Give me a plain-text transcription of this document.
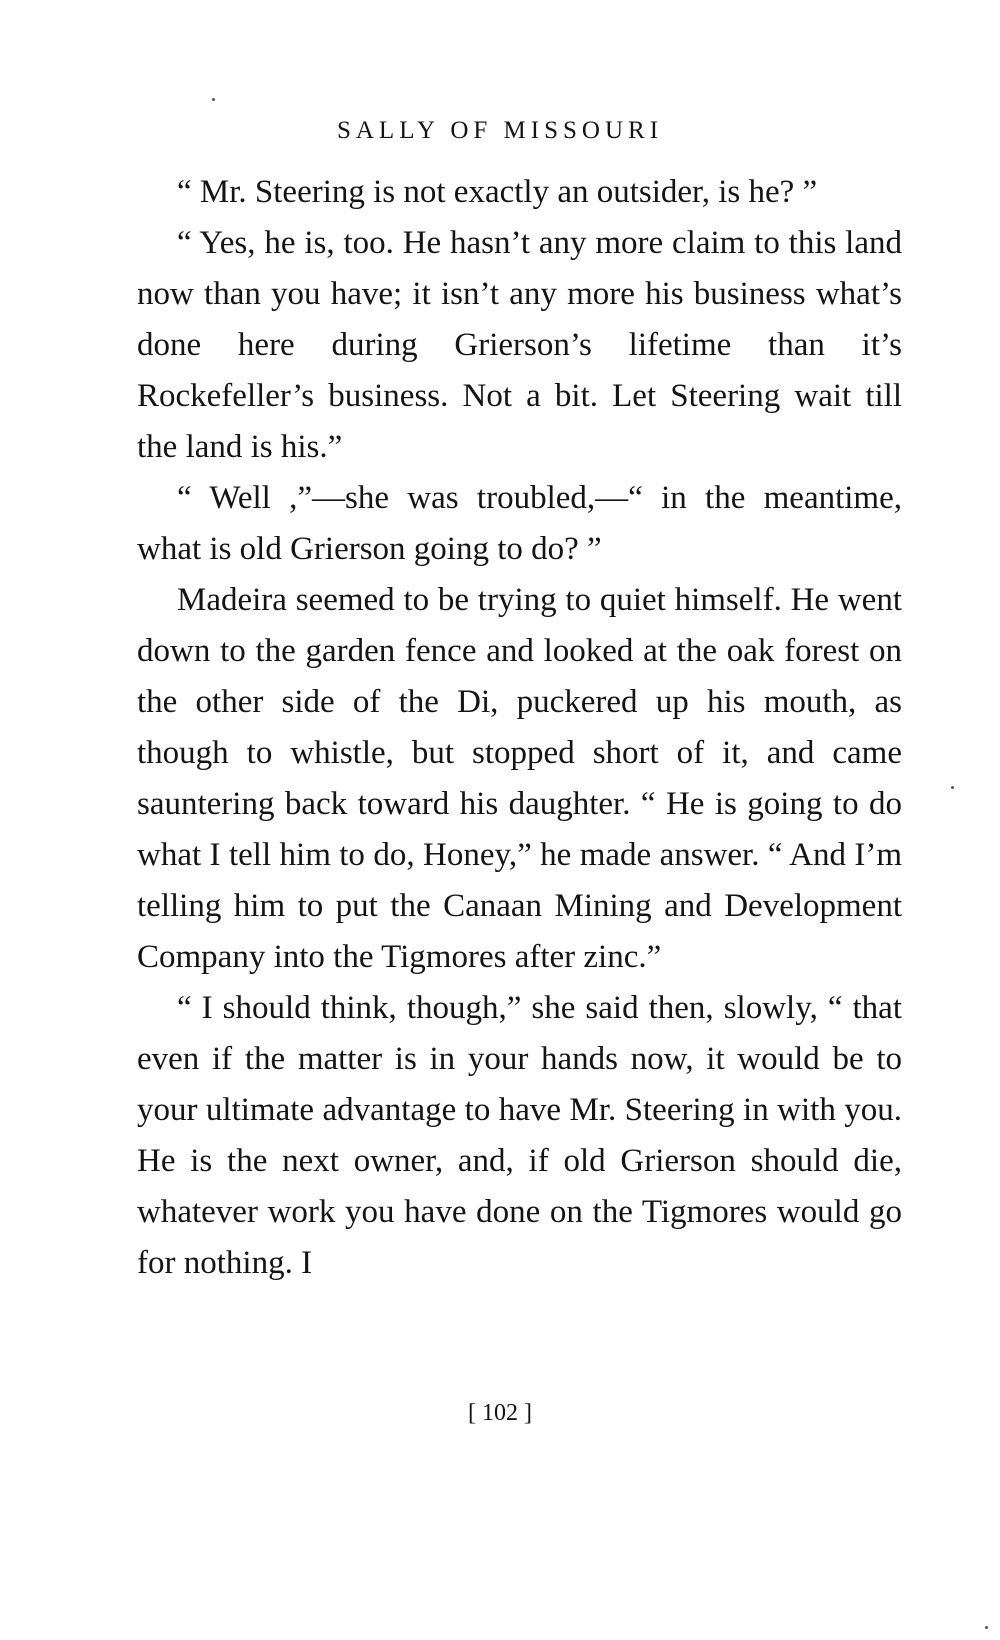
SALLY OF MISSOURI

“ Mr. Steering is not exactly an outsider, is he? ”

“ Yes, he is, too. He hasn’t any more claim to this land now than you have; it isn’t any more his business what’s done here during Grierson’s lifetime than it’s Rockefeller’s business. Not a bit. Let Steering wait till the land is his.”

“ Well ,”—she was troubled,—“ in the meantime, what is old Grierson going to do? ”

Madeira seemed to be trying to quiet himself. He went down to the garden fence and looked at the oak forest on the other side of the Di, puckered up his mouth, as though to whistle, but stopped short of it, and came sauntering back toward his daughter. “ He is going to do what I tell him to do, Honey,” he made answer. “ And I’m telling him to put the Canaan Mining and Development Company into the Tigmores after zinc.”

“ I should think, though,” she said then, slowly, “ that even if the matter is in your hands now, it would be to your ultimate advantage to have Mr. Steering in with you. He is the next owner, and, if old Grierson should die, whatever work you have done on the Tigmores would go for nothing. I

[ 102 ]
